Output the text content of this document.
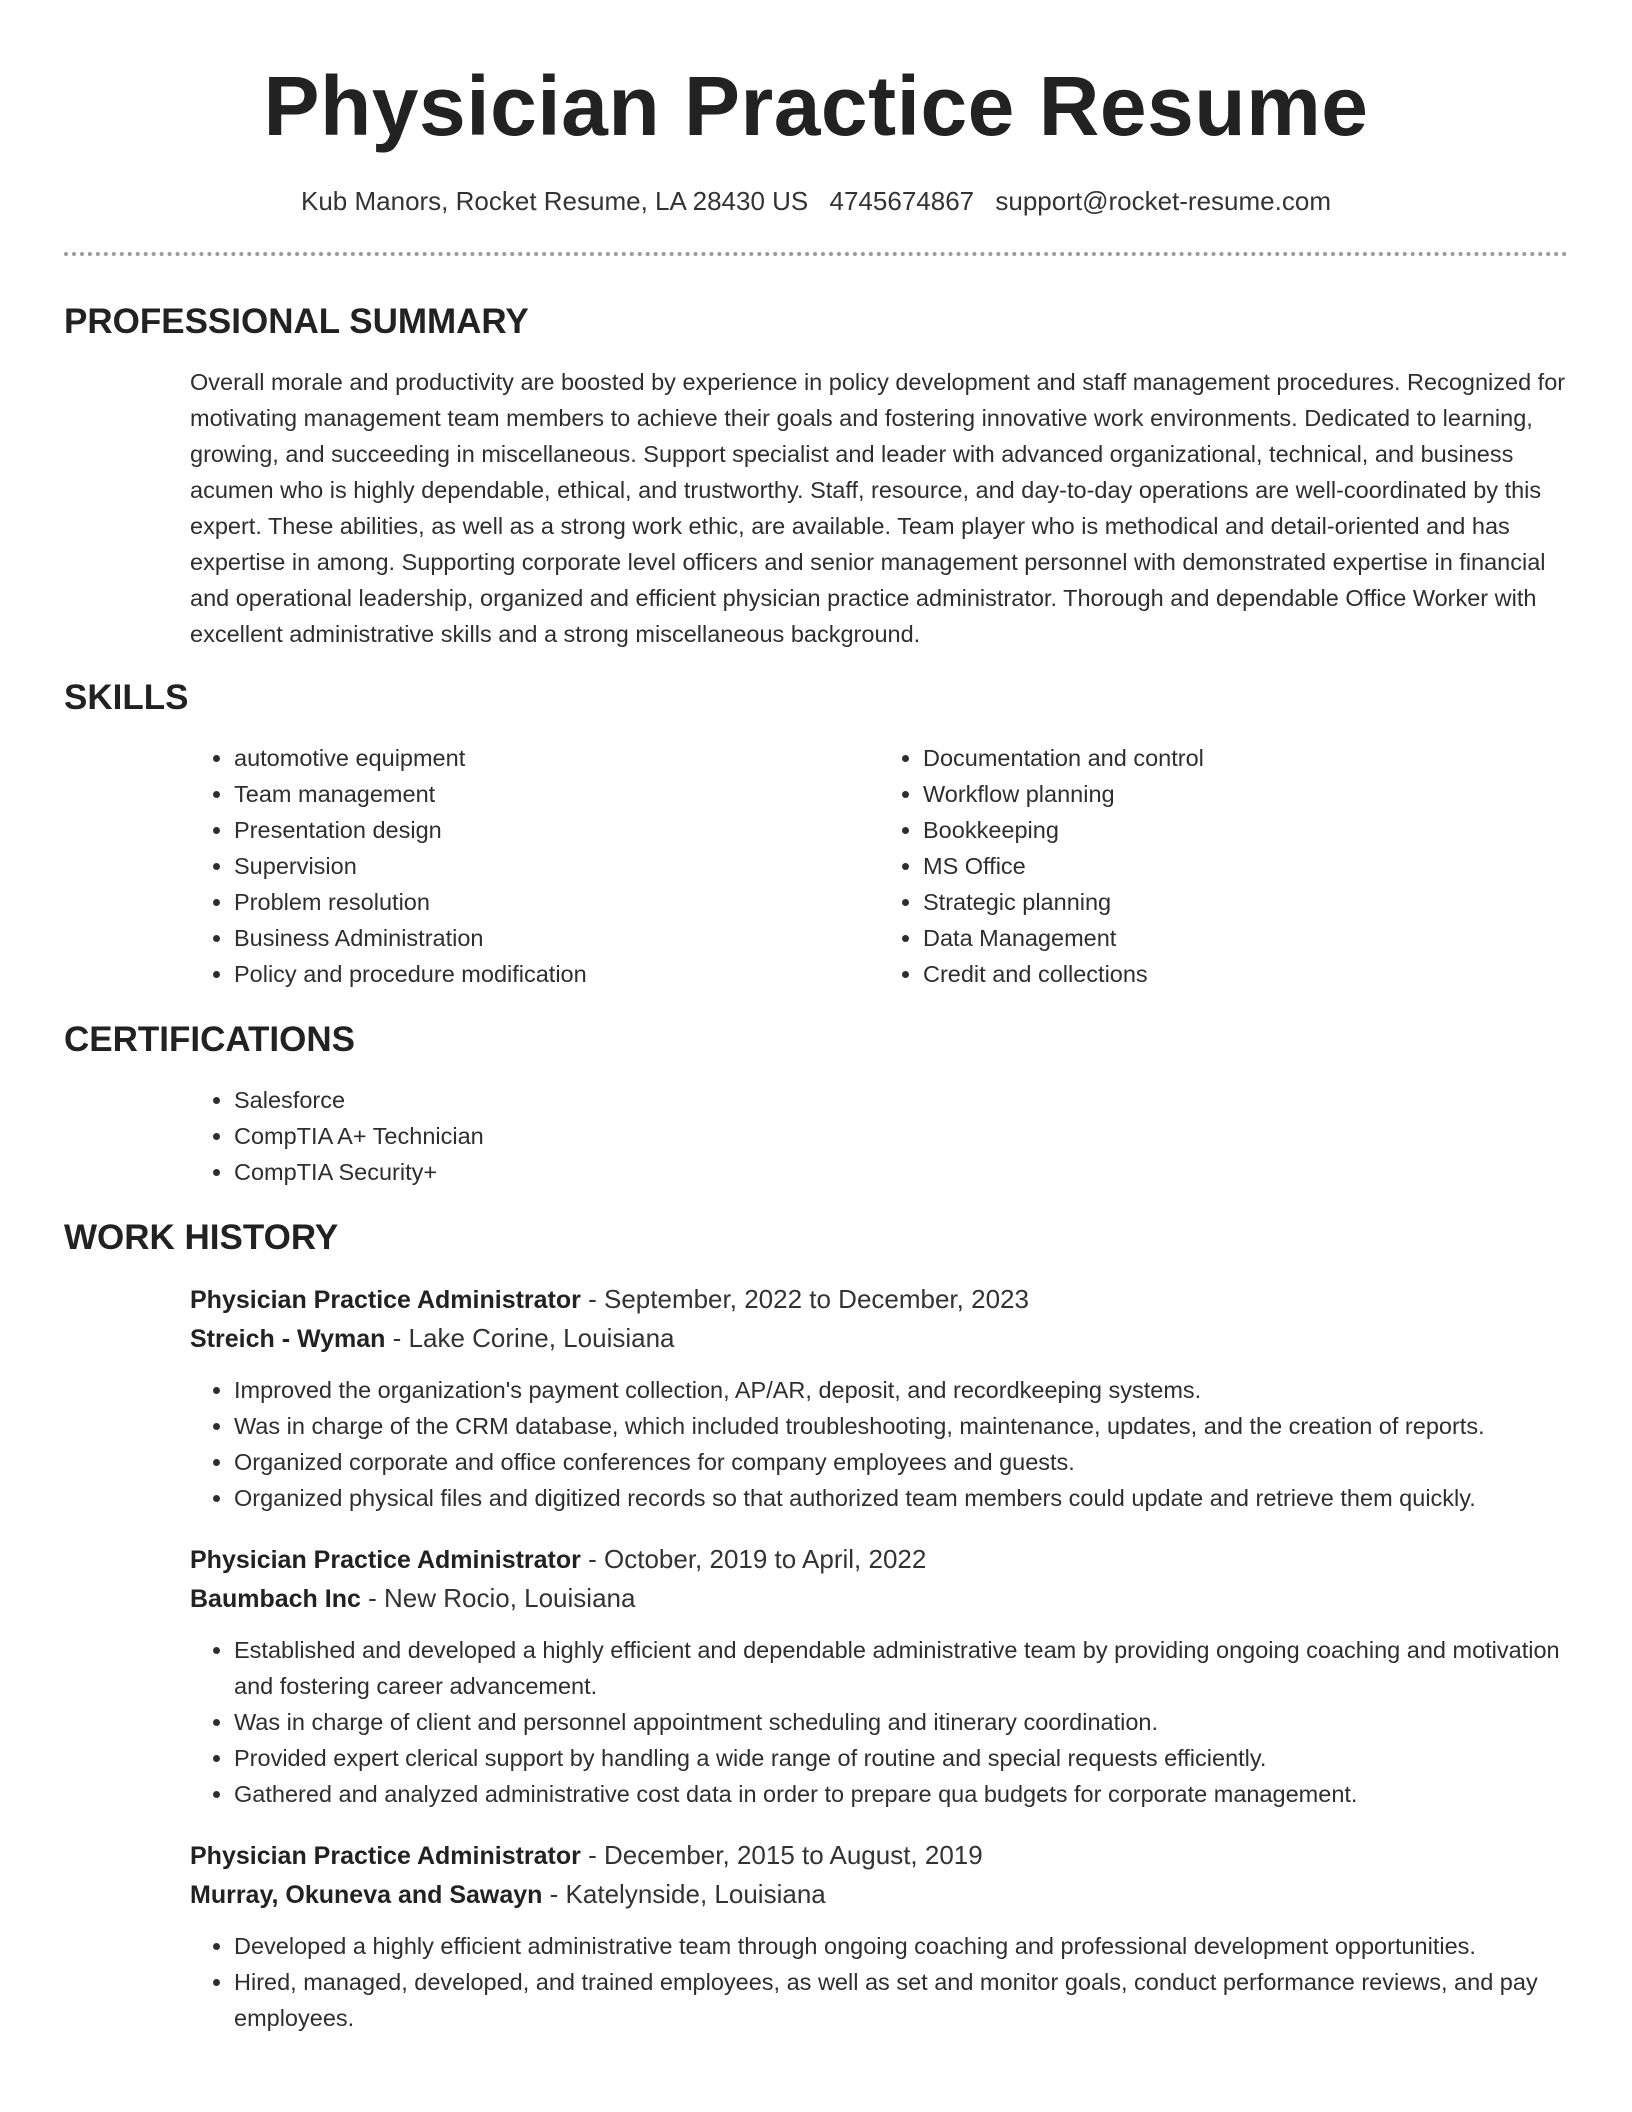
Physician Practice Resume
Kub Manors, Rocket Resume, LA 28430 US 4745674867 support@rocket-resume.com
PROFESSIONAL SUMMARY

Overall morale and productivity are boosted by experience in policy development and staff management procedures. Recognized for motivating management team members to achieve their goals and fostering innovative work environments. Dedicated to learning, growing, and succeeding in miscellaneous. Support specialist and leader with advanced organizational, technical, and business acumen who is highly dependable, ethical, and trustworthy. Staff, resource, and day-to-day operations are well-coordinated by this expert. These abilities, as well as a strong work ethic, are available. Team player who is methodical and detail-oriented and has expertise in among. Supporting corporate level officers and senior management personnel with demonstrated expertise in financial and operational leadership, organized and efficient physician practice administrator. Thorough and dependable Office Worker with excellent administrative skills and a strong miscellaneous background.

SKILLS
• automotive equipment
• Team management
• Presentation design
• Supervision
• Problem resolution
• Business Administration
• Policy and procedure modification
• Documentation and control
• Workflow planning
• Bookkeeping
• MS Office
• Strategic planning
• Data Management
• Credit and collections
CERTIFICATIONS
• Salesforce
• CompTIA A+ Technician
• CompTIA Security+
WORK HISTORY
Physician Practice Administrator - September, 2022 to December, 2023
Streich - Wyman - Lake Corine, Louisiana
• Improved the organization's payment collection, AP/AR, deposit, and recordkeeping systems.
• Was in charge of the CRM database, which included troubleshooting, maintenance, updates, and the creation of reports.
• Organized corporate and office conferences for company employees and guests.
• Organized physical files and digitized records so that authorized team members could update and retrieve them quickly.
Physician Practice Administrator - October, 2019 to April, 2022
Baumbach Inc - New Rocio, Louisiana
• Established and developed a highly efficient and dependable administrative team by providing ongoing coaching and motivation and fostering career advancement.
• Was in charge of client and personnel appointment scheduling and itinerary coordination.
• Provided expert clerical support by handling a wide range of routine and special requests efficiently.
• Gathered and analyzed administrative cost data in order to prepare qua budgets for corporate management.
Physician Practice Administrator - December, 2015 to August, 2019
Murray, Okuneva and Sawayn - Katelynside, Louisiana
• Developed a highly efficient administrative team through ongoing coaching and professional development opportunities.
• Hired, managed, developed, and trained employees, as well as set and monitor goals, conduct performance reviews, and pay employees.
